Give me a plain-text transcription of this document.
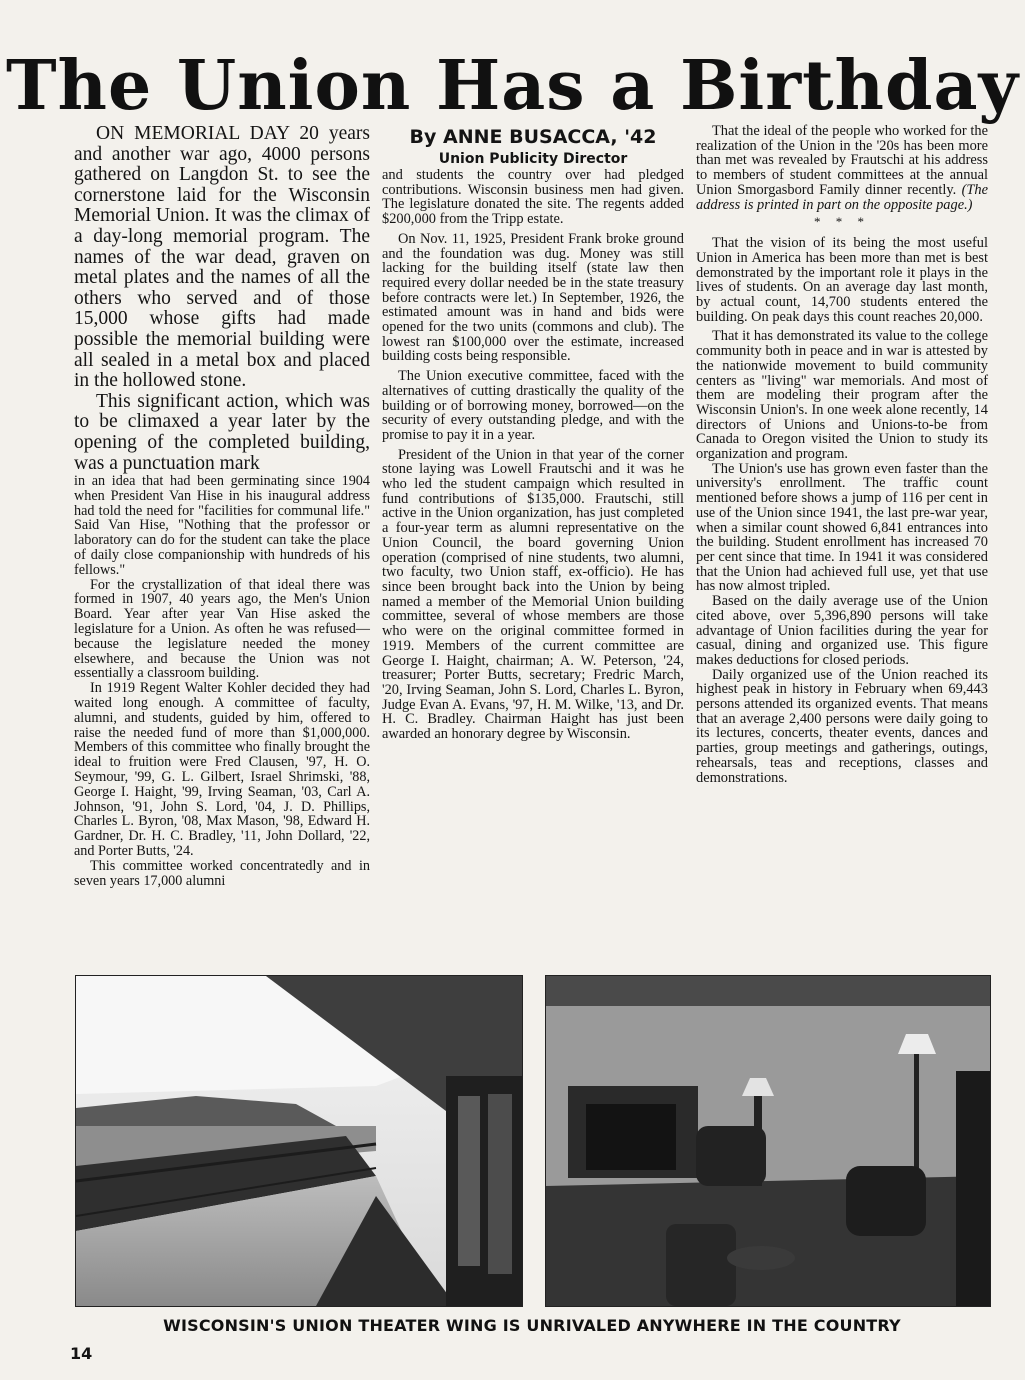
The Union Has a Birthday

ON MEMORIAL DAY 20 years and another war ago, 4000 persons gathered on Langdon St. to see the cornerstone laid for the Wisconsin Memorial Union. It was the climax of a day-long memorial program. The names of the war dead, graven on metal plates and the names of all the others who served and of those 15,000 whose gifts had made possible the memorial building were all sealed in a metal box and placed in the hollowed stone.

This significant action, which was to be climaxed a year later by the opening of the completed building, was a punctuation mark

in an idea that had been germinating since 1904 when President Van Hise in his inaugural address had told the need for "facilities for communal life." Said Van Hise, "Nothing that the professor or laboratory can do for the student can take the place of daily close companionship with hundreds of his fellows."

For the crystallization of that ideal there was formed in 1907, 40 years ago, the Men's Union Board. Year after year Van Hise asked the legislature for a Union. As often he was refused—because the legislature needed the money elsewhere, and because the Union was not essentially a classroom building.

In 1919 Regent Walter Kohler decided they had waited long enough. A committee of faculty, alumni, and students, guided by him, offered to raise the needed fund of more than $1,000,000. Members of this committee who finally brought the ideal to fruition were Fred Clausen, '97, H. O. Seymour, '99, G. L. Gilbert, Israel Shrimski, '88, George I. Haight, '99, Irving Seaman, '03, Carl A. Johnson, '91, John S. Lord, '04, J. D. Phillips, Charles L. Byron, '08, Max Mason, '98, Edward H. Gardner, Dr. H. C. Bradley, '11, John Dollard, '22, and Porter Butts, '24.

This committee worked concentratedly and in seven years 17,000 alumni

By ANNE BUSACCA, '42

Union Publicity Director

and students the country over had pledged contributions. Wisconsin business men had given. The legislature donated the site. The regents added $200,000 from the Tripp estate.

On Nov. 11, 1925, President Frank broke ground and the foundation was dug. Money was still lacking for the building itself (state law then required every dollar needed be in the state treasury before contracts were let.) In September, 1926, the estimated amount was in hand and bids were opened for the two units (commons and club). The lowest ran $100,000 over the estimate, increased building costs being responsible.

The Union executive committee, faced with the alternatives of cutting drastically the quality of the building or of borrowing money, borrowed—on the security of every outstanding pledge, and with the promise to pay it in a year.

President of the Union in that year of the corner stone laying was Lowell Frautschi and it was he who led the student campaign which resulted in fund contributions of $135,000. Frautschi, still active in the Union organization, has just completed a four-year term as alumni representative on the Union Council, the board governing Union operation (comprised of nine students, two alumni, two faculty, two Union staff, ex-officio). He has since been brought back into the Union by being named a member of the Memorial Union building committee, several of whose members are those who were on the original committee formed in 1919. Members of the current committee are George I. Haight, chairman; A. W. Peterson, '24, treasurer; Porter Butts, secretary; Fredric March, '20, Irving Seaman, John S. Lord, Charles L. Byron, Judge Evan A. Evans, '97, H. M. Wilke, '13, and Dr. H. C. Bradley. Chairman Haight has just been awarded an honorary degree by Wisconsin.

That the ideal of the people who worked for the realization of the Union in the '20s has been more than met was revealed by Frautschi at his address to members of student committees at the annual Union Smorgasbord Family dinner recently. (The address is printed in part on the opposite page.)

* * *

That the vision of its being the most useful Union in America has been more than met is best demonstrated by the important role it plays in the lives of students. On an average day last month, by actual count, 14,700 students entered the building. On peak days this count reaches 20,000.

That it has demonstrated its value to the college community both in peace and in war is attested by the nationwide movement to build community centers as "living" war memorials. And most of them are modeling their program after the Wisconsin Union's. In one week alone recently, 14 directors of Unions and Unions-to-be from Canada to Oregon visited the Union to study its organization and program.

The Union's use has grown even faster than the university's enrollment. The traffic count mentioned before shows a jump of 116 per cent in use of the Union since 1941, the last pre-war year, when a similar count showed 6,841 entrances into the building. Student enrollment has increased 70 per cent since that time. In 1941 it was considered that the Union had achieved full use, yet that use has now almost tripled.

Based on the daily average use of the Union cited above, over 5,396,890 persons will take advantage of Union facilities during the year for casual, dining and organized use. This figure makes deductions for closed periods.

Daily organized use of the Union reached its highest peak in history in February when 69,443 persons attended its organized events. That means that an average 2,400 persons were daily going to its lectures, concerts, theater events, dances and parties, group meetings and gatherings, outings, rehearsals, teas and receptions, classes and demonstrations.

WISCONSIN'S UNION THEATER WING IS UNRIVALED ANYWHERE IN THE COUNTRY

14
